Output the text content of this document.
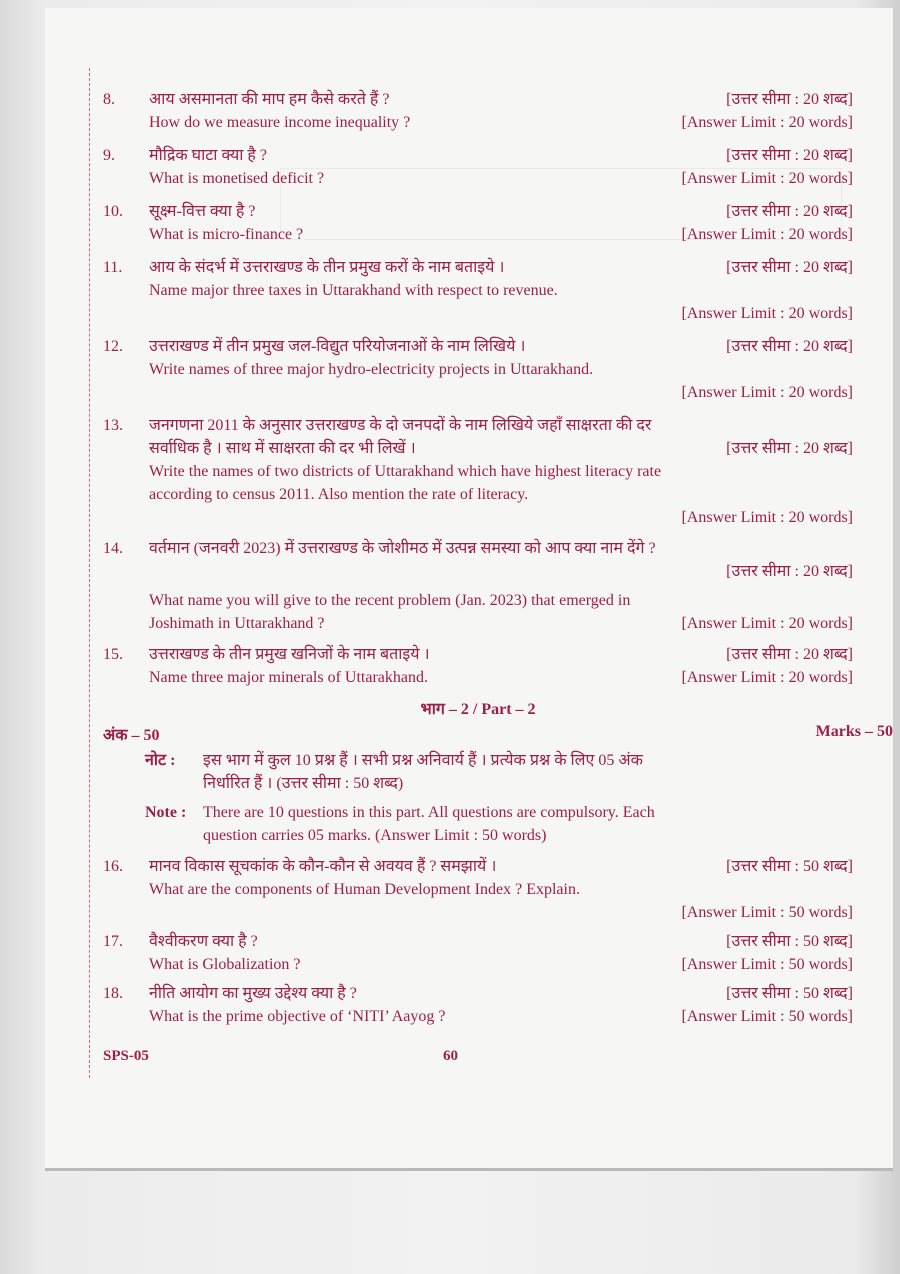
8.	आय असमानता की माप हम कैसे करते हैं ?	[उत्तर सीमा : 20 शब्द]
How do we measure income inequality ?	[Answer Limit : 20 words]
9.	मौद्रिक घाटा क्या है ?	[उत्तर सीमा : 20 शब्द]
What is monetised deficit ?	[Answer Limit : 20 words]
10.	सूक्ष्म-वित्त क्या है ?	[उत्तर सीमा : 20 शब्द]
What is micro-finance ?	[Answer Limit : 20 words]
11.	आय के संदर्भ में उत्तराखण्ड के तीन प्रमुख करों के नाम बताइये ।	[उत्तर सीमा : 20 शब्द]
Name major three taxes in Uttarakhand with respect to revenue.
[Answer Limit : 20 words]
12.	उत्तराखण्ड में तीन प्रमुख जल-विद्युत परियोजनाओं के नाम लिखिये ।	[उत्तर सीमा : 20 शब्द]
Write names of three major hydro-electricity projects in Uttarakhand.
[Answer Limit : 20 words]
13.	जनगणना 2011 के अनुसार उत्तराखण्ड के दो जनपदों के नाम लिखिये जहाँ साक्षरता की दर
सर्वाधिक है । साथ में साक्षरता की दर भी लिखें ।	[उत्तर सीमा : 20 शब्द]
Write the names of two districts of Uttarakhand which have highest literacy rate
according to census 2011. Also mention the rate of literacy.
[Answer Limit : 20 words]
14.	वर्तमान (जनवरी 2023) में उत्तराखण्ड के जोशीमठ में उत्पन्न समस्या को आप क्या नाम देंगे ?
[उत्तर सीमा : 20 शब्द]
What name you will give to the recent problem (Jan. 2023) that emerged in
Joshimath in Uttarakhand ?	[Answer Limit : 20 words]
15.	उत्तराखण्ड के तीन प्रमुख खनिजों के नाम बताइये ।	[उत्तर सीमा : 20 शब्द]
Name three major minerals of Uttarakhand.	[Answer Limit : 20 words]
भाग – 2 / Part – 2
अंक – 50	Marks – 50
नोट : इस भाग में कुल 10 प्रश्न हैं । सभी प्रश्न अनिवार्य हैं । प्रत्येक प्रश्न के लिए 05 अंक
निर्धारित हैं । (उत्तर सीमा : 50 शब्द)
Note : There are 10 questions in this part. All questions are compulsory. Each
question carries 05 marks. (Answer Limit : 50 words)
16.	मानव विकास सूचकांक के कौन-कौन से अवयव हैं ? समझायें ।	[उत्तर सीमा : 50 शब्द]
What are the components of Human Development Index ? Explain.
[Answer Limit : 50 words]
17.	वैश्वीकरण क्या है ?	[उत्तर सीमा : 50 शब्द]
What is Globalization ?	[Answer Limit : 50 words]
18.	नीति आयोग का मुख्य उद्देश्य क्या है ?	[उत्तर सीमा : 50 शब्द]
What is the prime objective of ‘NITI’ Aayog ?	[Answer Limit : 50 words]
SPS-05	60
